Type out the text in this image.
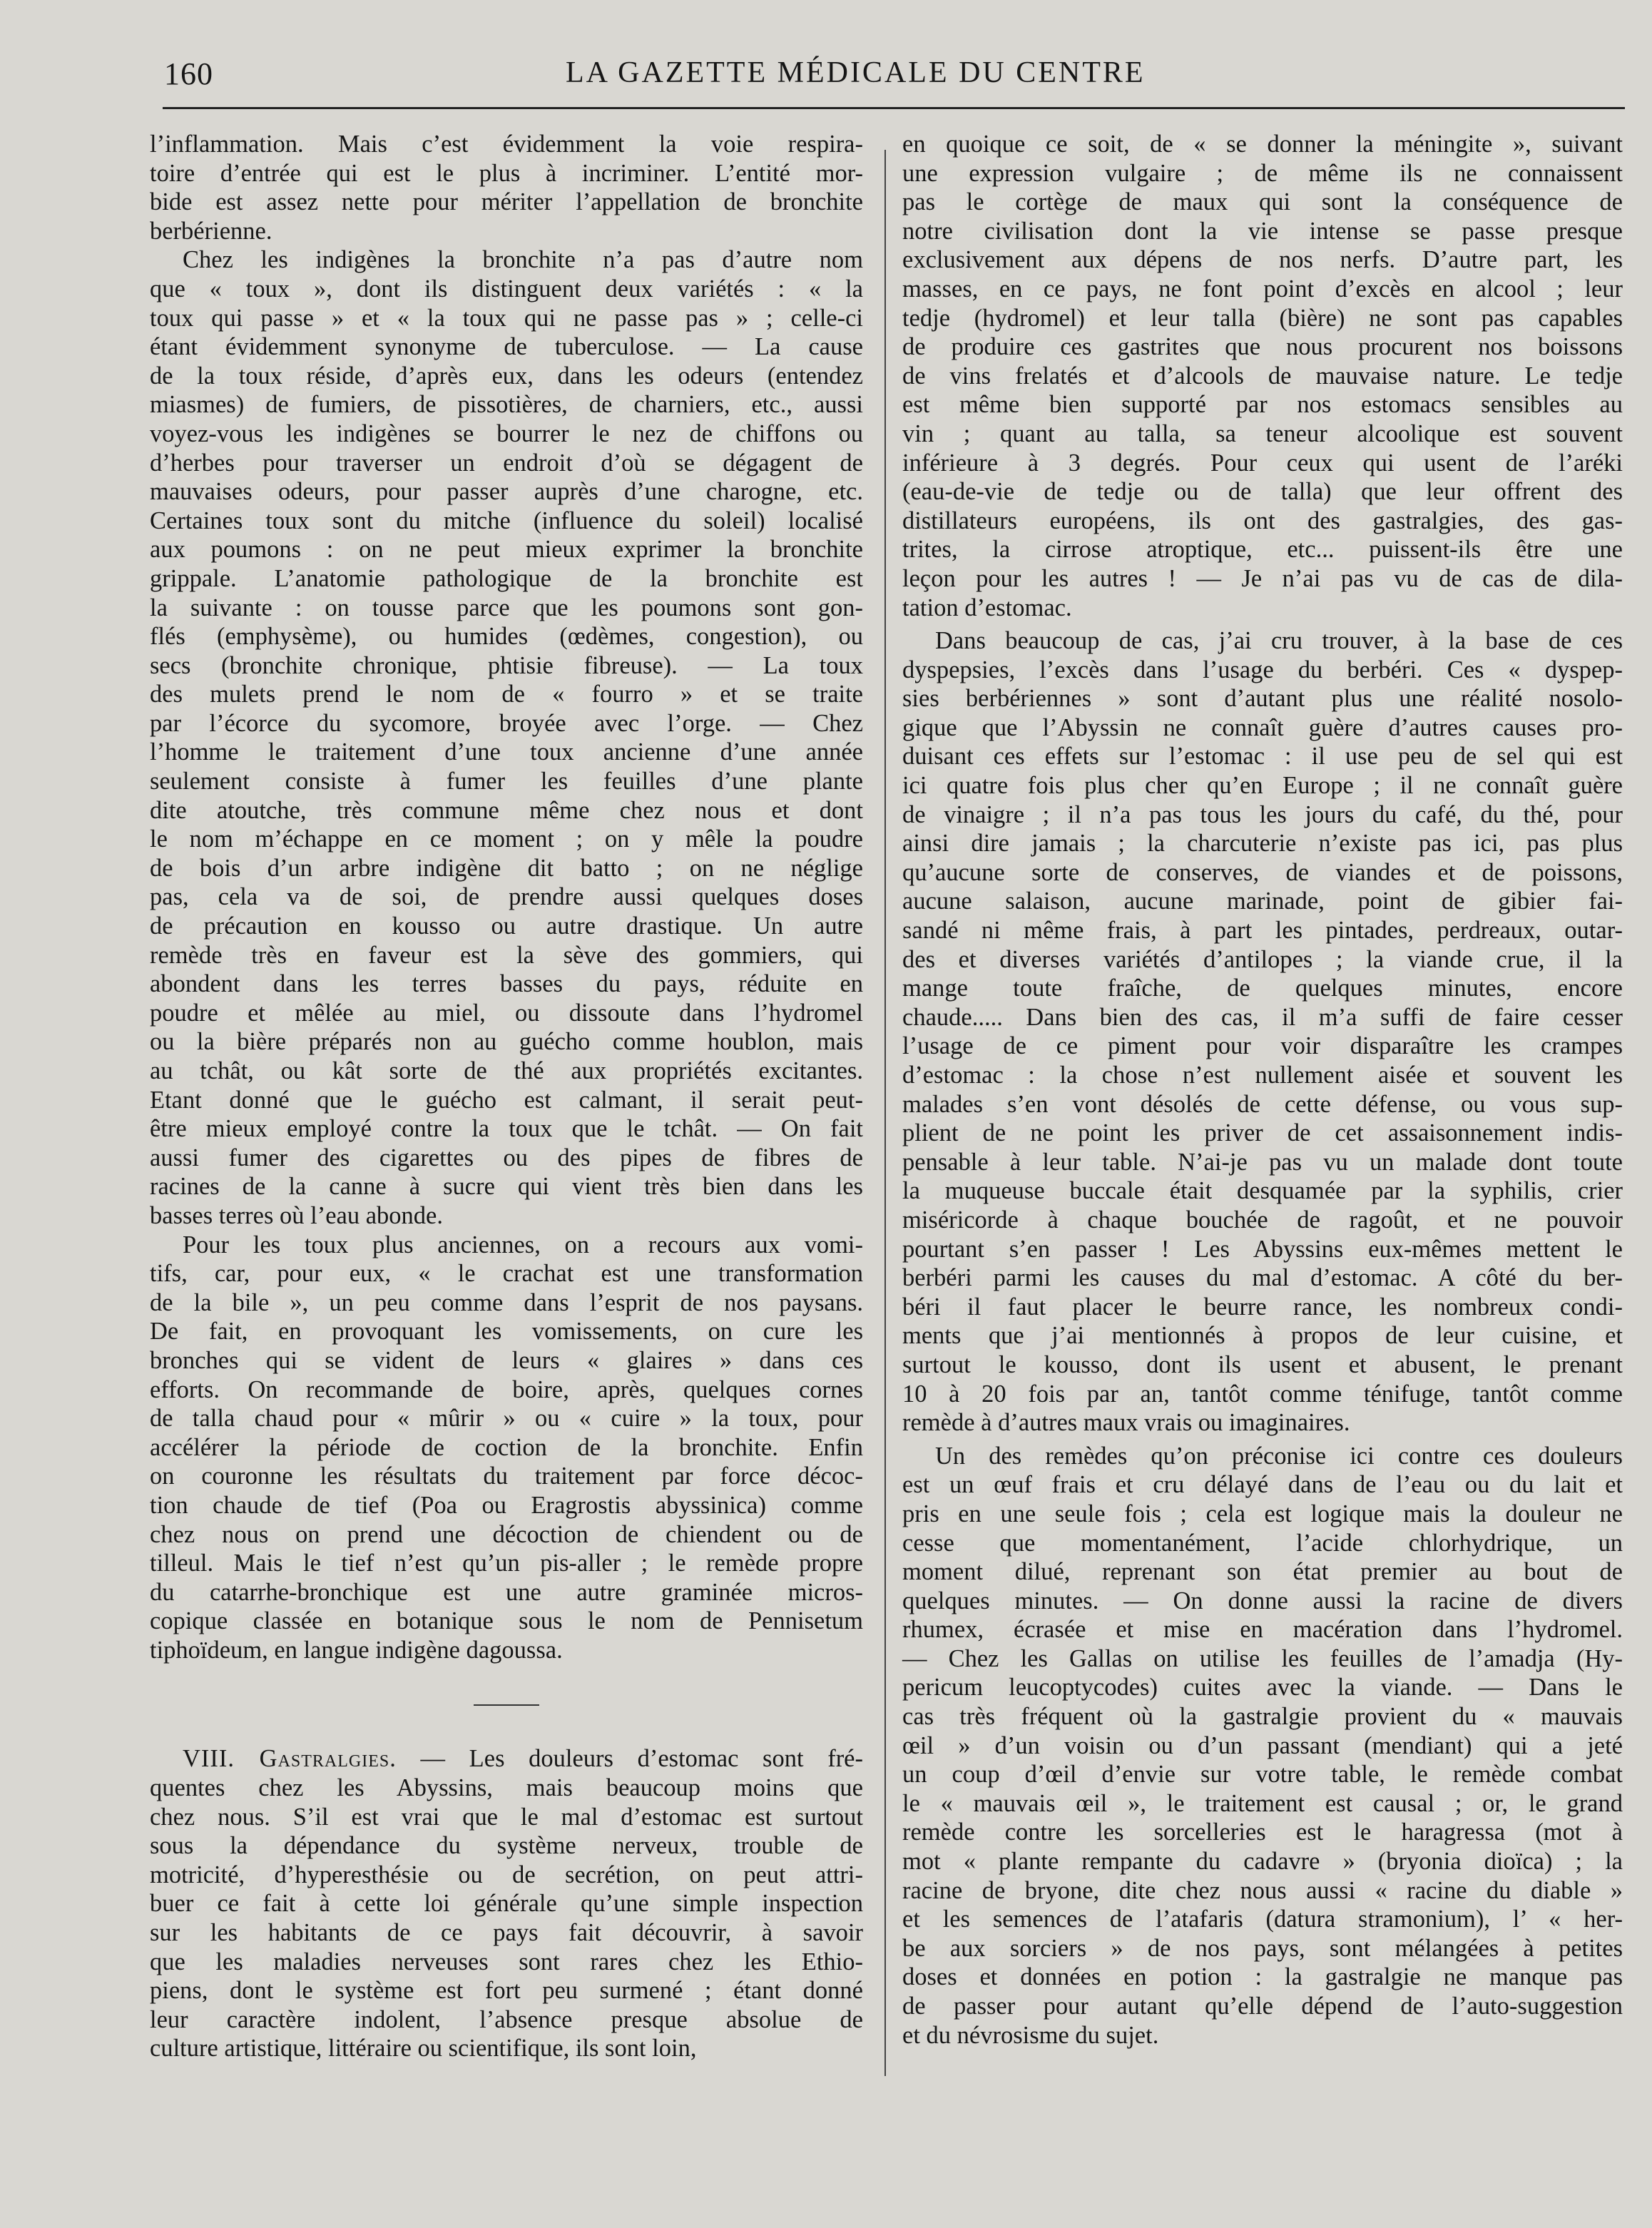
160	LA GAZETTE MÉDICALE DU CENTRE
l’inflammation. Mais c’est évidemment la voie respira-
toire d’entrée qui est le plus à incriminer. L’entité mor-
bide est assez nette pour mériter l’appellation de bronchite
berbérienne.
Chez les indigènes la bronchite n’a pas d’autre nom
que « toux », dont ils distinguent deux variétés : « la
toux qui passe » et « la toux qui ne passe pas » ; celle-ci
étant évidemment synonyme de tuberculose. — La cause
de la toux réside, d’après eux, dans les odeurs (entendez
miasmes) de fumiers, de pissotières, de charniers, etc., aussi
voyez-vous les indigènes se bourrer le nez de chiffons ou
d’herbes pour traverser un endroit d’où se dégagent de
mauvaises odeurs, pour passer auprès d’une charogne, etc.
Certaines toux sont du mitche (influence du soleil) localisé
aux poumons : on ne peut mieux exprimer la bronchite
grippale. L’anatomie pathologique de la bronchite est
la suivante : on tousse parce que les poumons sont gon-
flés (emphysème), ou humides (œdèmes, congestion), ou
secs (bronchite chronique, phtisie fibreuse). — La toux
des mulets prend le nom de « fourro » et se traite
par l’écorce du sycomore, broyée avec l’orge. — Chez
l’homme le traitement d’une toux ancienne d’une année
seulement consiste à fumer les feuilles d’une plante
dite atoutche, très commune même chez nous et dont
le nom m’échappe en ce moment ; on y mêle la poudre
de bois d’un arbre indigène dit batto ; on ne néglige
pas, cela va de soi, de prendre aussi quelques doses
de précaution en kousso ou autre drastique. Un autre
remède très en faveur est la sève des gommiers, qui
abondent dans les terres basses du pays, réduite en
poudre et mêlée au miel, ou dissoute dans l’hydromel
ou la bière préparés non au guécho comme houblon, mais
au tchât, ou kât sorte de thé aux propriétés excitantes.
Etant donné que le guécho est calmant, il serait peut-
être mieux employé contre la toux que le tchât. — On fait
aussi fumer des cigarettes ou des pipes de fibres de
racines de la canne à sucre qui vient très bien dans les
basses terres où l’eau abonde.
Pour les toux plus anciennes, on a recours aux vomi-
tifs, car, pour eux, « le crachat est une transformation
de la bile », un peu comme dans l’esprit de nos paysans.
De fait, en provoquant les vomissements, on cure les
bronches qui se vident de leurs « glaires » dans ces
efforts. On recommande de boire, après, quelques cornes
de talla chaud pour « mûrir » ou « cuire » la toux, pour
accélérer la période de coction de la bronchite. Enfin
on couronne les résultats du traitement par force décoc-
tion chaude de tief (Poa ou Eragrostis abyssinica) comme
chez nous on prend une décoction de chiendent ou de
tilleul. Mais le tief n’est qu’un pis-aller ; le remède propre
du catarrhe-bronchique est une autre graminée micros-
copique classée en botanique sous le nom de Pennisetum
tiphoïdeum, en langue indigène dagoussa.
VIII. Gastralgies. — Les douleurs d’estomac sont fré-
quentes chez les Abyssins, mais beaucoup moins que
chez nous. S’il est vrai que le mal d’estomac est surtout
sous la dépendance du système nerveux, trouble de
motricité, d’hyperesthésie ou de secrétion, on peut attri-
buer ce fait à cette loi générale qu’une simple inspection
sur les habitants de ce pays fait découvrir, à savoir
que les maladies nerveuses sont rares chez les Ethio-
piens, dont le système est fort peu surmené ; étant donné
leur caractère indolent, l’absence presque absolue de
culture artistique, littéraire ou scientifique, ils sont loin,
en quoique ce soit, de « se donner la méningite », suivant
une expression vulgaire ; de même ils ne connaissent
pas le cortège de maux qui sont la conséquence de
notre civilisation dont la vie intense se passe presque
exclusivement aux dépens de nos nerfs. D’autre part, les
masses, en ce pays, ne font point d’excès en alcool ; leur
tedje (hydromel) et leur talla (bière) ne sont pas capables
de produire ces gastrites que nous procurent nos boissons
de vins frelatés et d’alcools de mauvaise nature. Le tedje
est même bien supporté par nos estomacs sensibles au
vin ; quant au talla, sa teneur alcoolique est souvent
inférieure à 3 degrés. Pour ceux qui usent de l’aréki
(eau-de-vie de tedje ou de talla) que leur offrent des
distillateurs européens, ils ont des gastralgies, des gas-
trites, la cirrose atroptique, etc... puissent-ils être une
leçon pour les autres ! — Je n’ai pas vu de cas de dila-
tation d’estomac.
Dans beaucoup de cas, j’ai cru trouver, à la base de ces
dyspepsies, l’excès dans l’usage du berbéri. Ces « dyspep-
sies berbériennes » sont d’autant plus une réalité nosolo-
gique que l’Abyssin ne connaît guère d’autres causes pro-
duisant ces effets sur l’estomac : il use peu de sel qui est
ici quatre fois plus cher qu’en Europe ; il ne connaît guère
de vinaigre ; il n’a pas tous les jours du café, du thé, pour
ainsi dire jamais ; la charcuterie n’existe pas ici, pas plus
qu’aucune sorte de conserves, de viandes et de poissons,
aucune salaison, aucune marinade, point de gibier fai-
sandé ni même frais, à part les pintades, perdreaux, outar-
des et diverses variétés d’antilopes ; la viande crue, il la
mange toute fraîche, de quelques minutes, encore
chaude..... Dans bien des cas, il m’a suffi de faire cesser
l’usage de ce piment pour voir disparaître les crampes
d’estomac : la chose n’est nullement aisée et souvent les
malades s’en vont désolés de cette défense, ou vous sup-
plient de ne point les priver de cet assaisonnement indis-
pensable à leur table. N’ai-je pas vu un malade dont toute
la muqueuse buccale était desquamée par la syphilis, crier
miséricorde à chaque bouchée de ragoût, et ne pouvoir
pourtant s’en passer ! Les Abyssins eux-mêmes mettent le
berbéri parmi les causes du mal d’estomac. A côté du ber-
béri il faut placer le beurre rance, les nombreux condi-
ments que j’ai mentionnés à propos de leur cuisine, et
surtout le kousso, dont ils usent et abusent, le prenant
10 à 20 fois par an, tantôt comme ténifuge, tantôt comme
remède à d’autres maux vrais ou imaginaires.
Un des remèdes qu’on préconise ici contre ces douleurs
est un œuf frais et cru délayé dans de l’eau ou du lait et
pris en une seule fois ; cela est logique mais la douleur ne
cesse que momentanément, l’acide chlorhydrique, un
moment dilué, reprenant son état premier au bout de
quelques minutes. — On donne aussi la racine de divers
rhumex, écrasée et mise en macération dans l’hydromel.
— Chez les Gallas on utilise les feuilles de l’amadja (Hy-
pericum leucoptycodes) cuites avec la viande. — Dans le
cas très fréquent où la gastralgie provient du « mauvais
œil » d’un voisin ou d’un passant (mendiant) qui a jeté
un coup d’œil d’envie sur votre table, le remède combat
le « mauvais œil », le traitement est causal ; or, le grand
remède contre les sorcelleries est le haragressa (mot à
mot « plante rempante du cadavre » (bryonia dioïca) ; la
racine de bryone, dite chez nous aussi « racine du diable »
et les semences de l’atafaris (datura stramonium), l’ « her-
be aux sorciers » de nos pays, sont mélangées à petites
doses et données en potion : la gastralgie ne manque pas
de passer pour autant qu’elle dépend de l’auto-suggestion
et du névrosisme du sujet.
